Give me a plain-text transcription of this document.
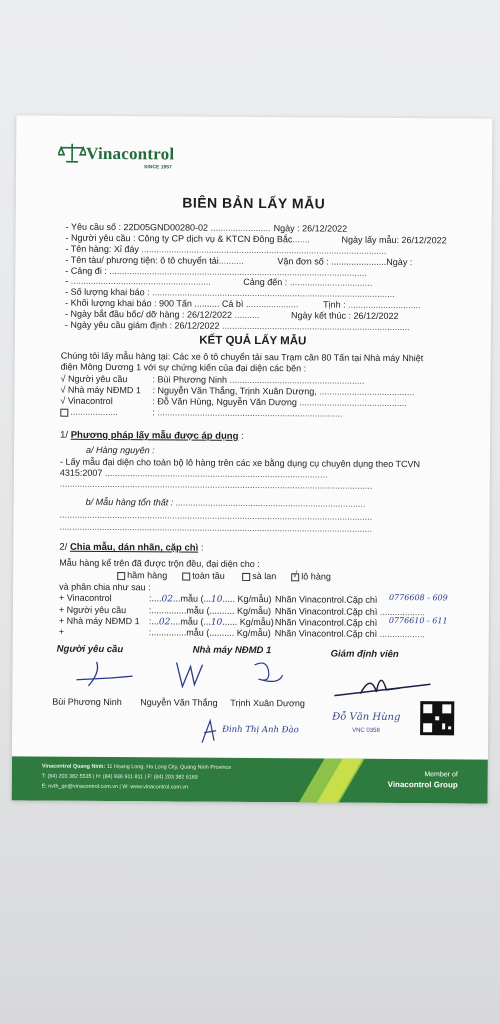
Vinacontrol
SINCE 1957
BIÊN BẢN LẤY MẪU
- Yêu cầu số : 22D05GND00280-02 ........................ Ngày : 26/12/2022
- Người yêu cầu : Công ty CP dịch vụ & KTCN Đông Bắc.......	Ngày lấy mẫu: 26/12/2022
- Tên hàng: Xỉ đáy ..................................................................................................
- Tên tàu/ phương tiện: ô tô chuyển tải..........	Vận đơn số : ......................Ngày :
- Cảng đi : .......................................................................................................
- ........................................................	Cảng đến : .................................
- Số lượng khai báo : .................................................................................................
- Khối lượng khai báo : 900 Tấn .......... Cả bì .....................	Tịnh : .............................
- Ngày bắt đầu bốc/ dỡ hàng : 26/12/2022 ..........	Ngày kết thúc : 26/12/2022
- Ngày yêu cầu giám định : 26/12/2022 ...........................................................................
KẾT QUẢ LẤY MẪU
Chúng tôi lấy mẫu hàng tại: Các xe ô tô chuyển tải sau Trạm cân 80 Tấn tại Nhà máy Nhiệt
điện Mông Dương 1 với sự chứng kiến của đại diện các bên :
√ Người yêu cầu	: Bùi Phương Ninh ......................................................
√ Nhà máy NĐMD 1 : Nguyễn Văn Thắng, Trịnh Xuân Dương, ......................................
√ Vinacontrol	: Đỗ Văn Hùng, Nguyễn Văn Dương ...........................................
...................	: ..........................................................................
1/ Phương pháp lấy mẫu được áp dụng :
a/ Hàng nguyên :
- Lấy mẫu đại diện cho toàn bộ lô hàng trên các xe bằng dụng cụ chuyên dụng theo TCVN
4315:2007 .........................................................................................
.............................................................................................................................
b/ Mẫu hàng tổn thất : ............................................................................
.............................................................................................................................
.............................................................................................................................
2/ Chia mẫu, dán nhãn, cặp chì :
Mẫu hàng kể trên đã được trộn đều, đại diện cho :
hầm hàng	toàn tầu	sà lan √ lô hàng
và phân chia như sau :
+ Vinacontrol	:....02...mẫu (...10..... Kg/mẫu) Nhãn Vinacontrol.Cặp chì 0776608 - 609
+ Người yêu cầu	:..............mẫu (.......... Kg/mẫu) Nhãn Vinacontrol.Cặp chì ..................
+ Nhà máy NĐMD 1 :...02....mẫu (...10...... Kg/mẫu) Nhãn Vinacontrol.Cặp chì 0776610 - 611
+	:..............mẫu (.......... Kg/mẫu) Nhãn Vinacontrol.Cặp chì ..................
Người yêu cầu	Nhà máy NĐMD 1	Giám định viên
Bùi Phương Ninh Nguyễn Văn Thắng Trịnh Xuân Dương
Đỗ Văn Hùng
VNC 0358
Đinh Thị Anh Đào
Vinacontrol Quang Ninh: 11 Hoang Long, Ha Long City, Quang Ninh Province
T: (84) 203 382 5535 | H: (84) 936 911 811 | F: (84) 203 382 6169
E: nvth_qn@vinacontrol.com.vn | W: www.vinacontrol.com.vn
Member of
Vinacontrol Group
